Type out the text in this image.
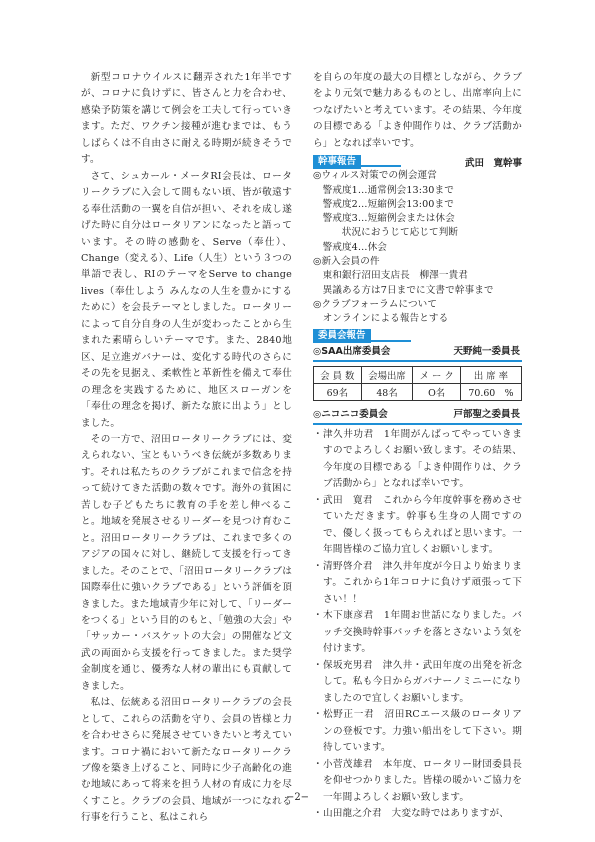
新型コロナウイルスに翻弄された1年半ですが、コロナに負けずに、皆さんと力を合わせ、感染予防策を講じて例会を工夫して行っていきます。ただ、ワクチン接種が進むまでは、もうしばらくは不自由さに耐える時期が続きそうです。

さて、シュカール・メータRI会長は、ロータリークラブに入会して間もない頃、皆が敬遠する奉仕活動の一翼を自信が担い、それを成し遂げた時に自分はロータリアンになったと語っています。その時の感動を、Serve（奉仕）、Change（変える）、Life（人生）という３つの単語で表し、RIのテーマをServe to change lives（奉仕しよう みんなの人生を豊かにするために）を会長テーマとしました。ロータリーによって自分自身の人生が変わったことから生まれた素晴らしいテーマです。また、2840地区、足立進ガバナーは、変化する時代のさらにその先を見据え、柔軟性と革新性を備えて奉仕の理念を実践するために、地区スローガンを「奉仕の理念を掲げ、新たな旅に出よう」としました。

その一方で、沼田ロータリークラブには、変えられない、宝ともいうべき伝統が多数あります。それは私たちのクラブがこれまで信念を持って続けてきた活動の数々です。海外の貧困に苦しむ子どもたちに教育の手を差し伸べること。地域を発展させるリーダーを見つけ育むこと。沼田ロータリークラブは、これまで多くのアジアの国々に対し、継続して支援を行ってきました。そのことで、「沼田ロータリークラブは国際奉仕に強いクラブである」という評価を頂きました。また地域青少年に対して、「リーダーをつくる」という目的のもと、「勉強の大会」や「サッカー・バスケットの大会」の開催など文武の両面から支援を行ってきました。また奨学金制度を通じ、優秀な人材の輩出にも貢献してきました。

私は、伝統ある沼田ロータリークラブの会長として、これらの活動を守り、会員の皆様と力を合わせさらに発展させていきたいと考えています。コロナ禍において新たなロータリークラブ像を築き上げること、同時に少子高齢化の進む地域にあって将来を担う人材の育成に力を尽くすこと。クラブの会員、地域が一つになれる行事を行うこと、私はこれら

を自らの年度の最大の目標としながら、クラブをより元気で魅力あるものとし、出席率向上につなげたいと考えています。その結果、今年度の目標である「よき仲間作りは、クラブ活動から」となれば幸いです。

幹事報告	武田　寛幹事
◎ウィルス対策での例会運営
警戒度1…通常例会13:30まで
警戒度2…短縮例会13:00まで
警戒度3…短縮例会または休会
状況におうじて応じて判断
警戒度4…休会
◎新入会員の件
東和銀行沼田支店長　柳澤一貴君
異議ある方は7日までに文書で幹事まで
◎クラブフォーラムについて
オンラインによる報告とする
委員会報告
◎SAA出席委員会	天野純一委員長
会 員 数	会場出席	メ ー ク	出 席 率
69名	48名	O名	70.60　%
◎ニコニコ委員会	戸部聖之委員長
・ 津久井功君　1年間がんばってやっていきますのでよろしくお願い致します。その結果、今年度の目標である「よき仲間作りは、クラブ活動から」となれば幸いです。
・ 武田　寛君　これから今年度幹事を務めさせていただきます。幹事も生身の人間ですので、優しく扱ってもらえればと思います。一年間皆様のご協力宜しくお願いします。
・ 清野啓介君　津久井年度が今日より始まります。これから1年コロナに負けず頑張って下さい！！
・ 木下康彦君　1年間お世話になりました。バッチ交換時幹事バッチを落とさないよう気を付けます。
・ 保坂充男君　津久井・武田年度の出発を祈念して。私も今日からガバナーノミニーになりましたので宜しくお願いします。
・ 松野正一君　沼田RCエース級のロータリアンの登板です。力強い船出をして下さい。期待しています。
・ 小菅茂雄君　本年度、ロータリー財団委員長を仰せつかりました。皆様の暖かいご協力を一年間よろしくお願い致します。
・ 山田龍之介君　大変な時ではありますが、
−2−
